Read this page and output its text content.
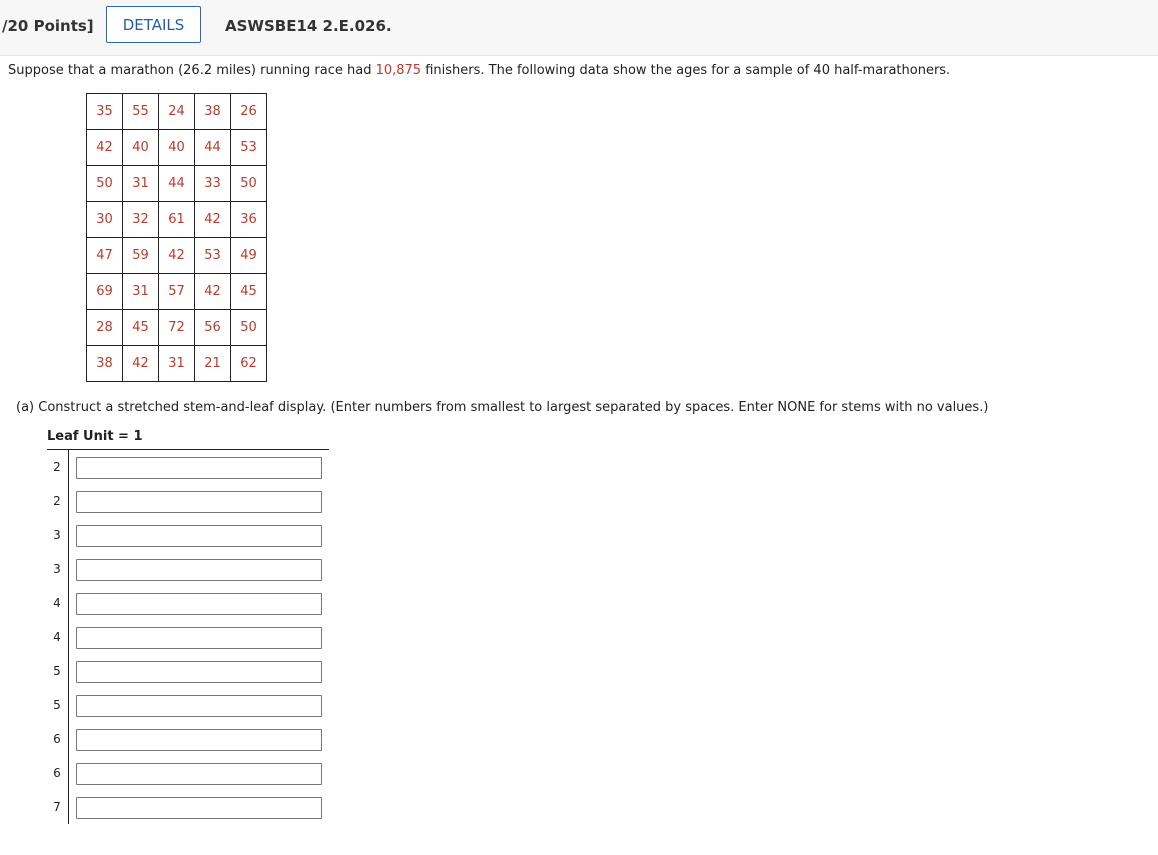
/20 Points]	DETAILS	ASWSBE14 2.E.026.
Suppose that a marathon (26.2 miles) running race had 10,875 finishers. The following data show the ages for a sample of 40 half-marathoners.
35	55	24	38	26
42	40	40	44	53
50	31	44	33	50
30	32	61	42	36
47	59	42	53	49
69	31	57	42	45
28	45	72	56	50
38	42	31	21	62
(a) Construct a stretched stem-and-leaf display. (Enter numbers from smallest to largest separated by spaces. Enter NONE for stems with no values.)
Leaf Unit = 1
2
2
3
3
4
4
5
5
6
6
7
